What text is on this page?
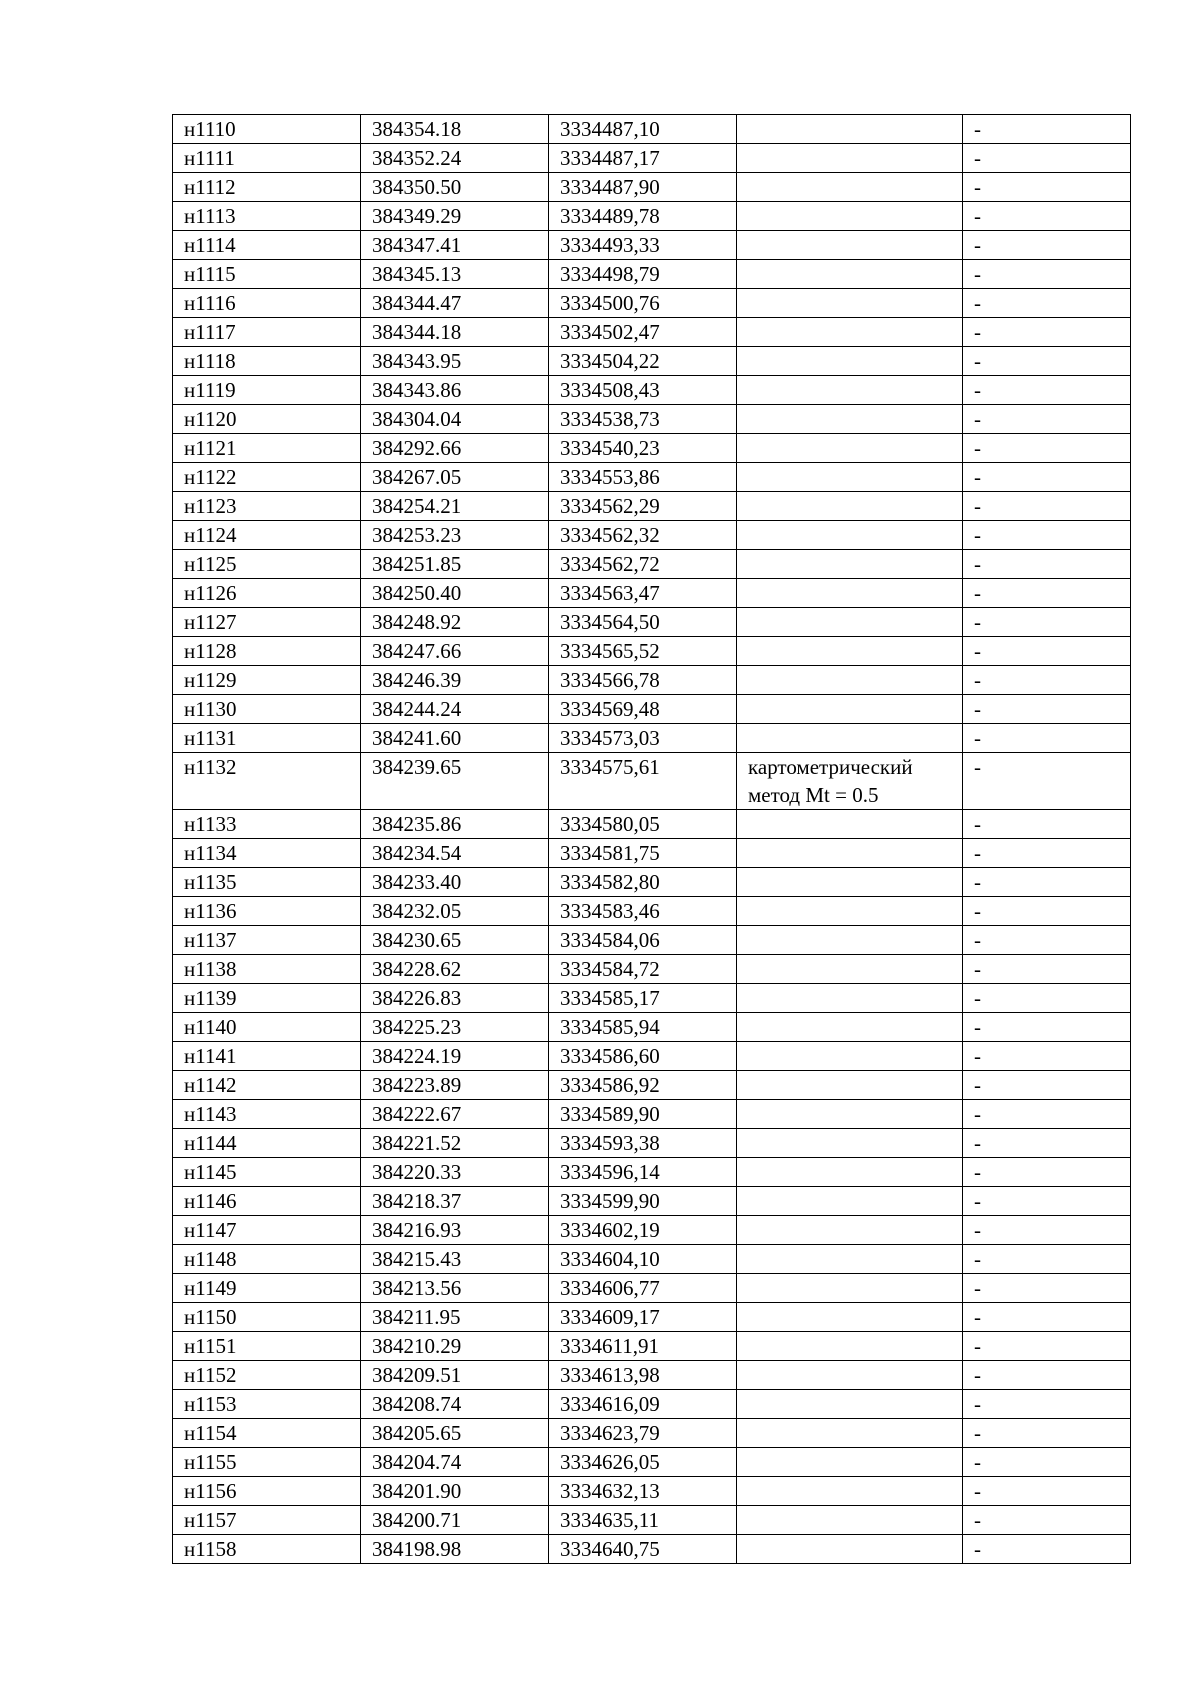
н1110	384354.18	3334487,10		-
н1111	384352.24	3334487,17		-
н1112	384350.50	3334487,90		-
н1113	384349.29	3334489,78		-
н1114	384347.41	3334493,33		-
н1115	384345.13	3334498,79		-
н1116	384344.47	3334500,76		-
н1117	384344.18	3334502,47		-
н1118	384343.95	3334504,22		-
н1119	384343.86	3334508,43		-
н1120	384304.04	3334538,73		-
н1121	384292.66	3334540,23		-
н1122	384267.05	3334553,86		-
н1123	384254.21	3334562,29		-
н1124	384253.23	3334562,32		-
н1125	384251.85	3334562,72		-
н1126	384250.40	3334563,47		-
н1127	384248.92	3334564,50		-
н1128	384247.66	3334565,52		-
н1129	384246.39	3334566,78		-
н1130	384244.24	3334569,48		-
н1131	384241.60	3334573,03		-
н1132	384239.65	3334575,61	картометрический
метод Mt = 0.5	-
н1133	384235.86	3334580,05		-
н1134	384234.54	3334581,75		-
н1135	384233.40	3334582,80		-
н1136	384232.05	3334583,46		-
н1137	384230.65	3334584,06		-
н1138	384228.62	3334584,72		-
н1139	384226.83	3334585,17		-
н1140	384225.23	3334585,94		-
н1141	384224.19	3334586,60		-
н1142	384223.89	3334586,92		-
н1143	384222.67	3334589,90		-
н1144	384221.52	3334593,38		-
н1145	384220.33	3334596,14		-
н1146	384218.37	3334599,90		-
н1147	384216.93	3334602,19		-
н1148	384215.43	3334604,10		-
н1149	384213.56	3334606,77		-
н1150	384211.95	3334609,17		-
н1151	384210.29	3334611,91		-
н1152	384209.51	3334613,98		-
н1153	384208.74	3334616,09		-
н1154	384205.65	3334623,79		-
н1155	384204.74	3334626,05		-
н1156	384201.90	3334632,13		-
н1157	384200.71	3334635,11		-
н1158	384198.98	3334640,75		-
